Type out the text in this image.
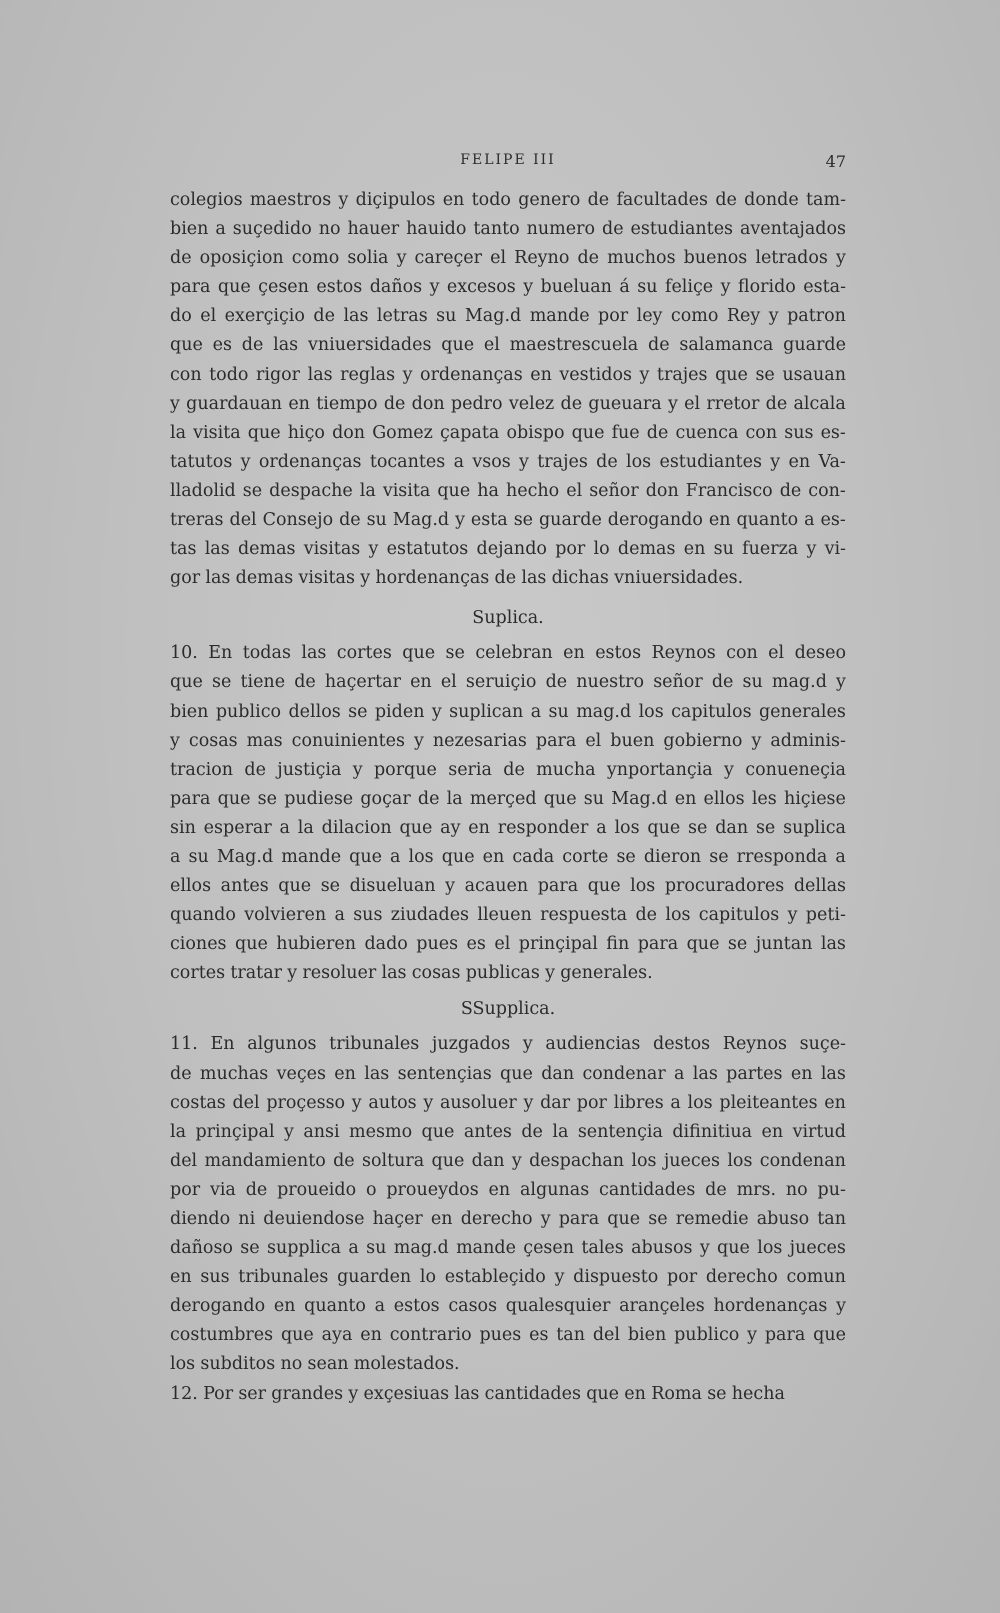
FELIPE III	47
colegios maestros y diçipulos en todo genero de facultades de donde tam-
bien a suçedido no hauer hauido tanto numero de estudiantes aventajados
de oposiçion como solia y careçer el Reyno de muchos buenos letrados y
para que çesen estos daños y excesos y bueluan á su feliçe y florido esta-
do el exerçiçio de las letras su Mag.d mande por ley como Rey y patron
que es de las vniuersidades que el maestrescuela de salamanca guarde
con todo rigor las reglas y ordenanças en vestidos y trajes que se usauan
y guardauan en tiempo de don pedro velez de gueuara y el rretor de alcala
la visita que hiço don Gomez çapata obispo que fue de cuenca con sus es-
tatutos y ordenanças tocantes a vsos y trajes de los estudiantes y en Va-
lladolid se despache la visita que ha hecho el señor don Francisco de con-
treras del Consejo de su Mag.d y esta se guarde derogando en quanto a es-
tas las demas visitas y estatutos dejando por lo demas en su fuerza y vi-
gor las demas visitas y hordenanças de las dichas vniuersidades.
Suplica.
10. En todas las cortes que se celebran en estos Reynos con el deseo
que se tiene de haçertar en el seruiçio de nuestro señor de su mag.d y
bien publico dellos se piden y suplican a su mag.d los capitulos generales
y cosas mas conuinientes y nezesarias para el buen gobierno y adminis-
tracion de justiçia y porque seria de mucha ynportançia y conueneçia
para que se pudiese goçar de la merçed que su Mag.d en ellos les hiçiese
sin esperar a la dilacion que ay en responder a los que se dan se suplica
a su Mag.d mande que a los que en cada corte se dieron se rresponda a
ellos antes que se disueluan y acauen para que los procuradores dellas
quando volvieren a sus ziudades lleuen respuesta de los capitulos y peti-
ciones que hubieren dado pues es el prinçipal fin para que se juntan las
cortes tratar y resoluer las cosas publicas y generales.
SSupplica.
11. En algunos tribunales juzgados y audiencias destos Reynos suçe-
de muchas veçes en las sentençias que dan condenar a las partes en las
costas del proçesso y autos y ausoluer y dar por libres a los pleiteantes en
la prinçipal y ansi mesmo que antes de la sentençia difinitiua en virtud
del mandamiento de soltura que dan y despachan los jueces los condenan
por via de proueido o proueydos en algunas cantidades de mrs. no pu-
diendo ni deuiendose haçer en derecho y para que se remedie abuso tan
dañoso se supplica a su mag.d mande çesen tales abusos y que los jueces
en sus tribunales guarden lo estableçido y dispuesto por derecho comun
derogando en quanto a estos casos qualesquier arançeles hordenanças y
costumbres que aya en contrario pues es tan del bien publico y para que
los subditos no sean molestados.
12. Por ser grandes y exçesiuas las cantidades que en Roma se hecha
